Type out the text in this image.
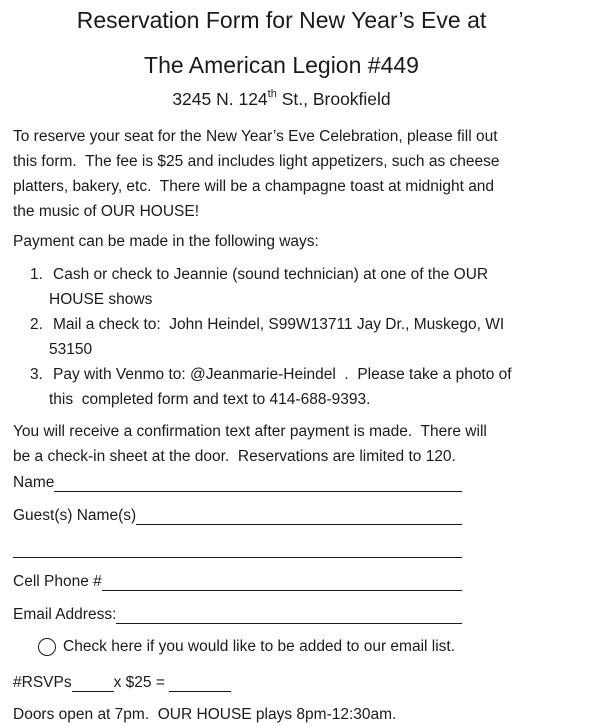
Reservation Form for New Year’s Eve at
The American Legion #449
3245 N. 124th St., Brookfield
To reserve your seat for the New Year’s Eve Celebration, please fill out
this form.  The fee is $25 and includes light appetizers, such as cheese
platters, bakery, etc.  There will be a champagne toast at midnight and
the music of OUR HOUSE!
Payment can be made in the following ways:
1. Cash or check to Jeannie (sound technician) at one of the OUR
HOUSE shows
2. Mail a check to:  John Heindel, S99W13711 Jay Dr., Muskego, WI
53150
3. Pay with Venmo to: @Jeanmarie-Heindel  .  Please take a photo of
this  completed form and text to 414-688-9393.
You will receive a confirmation text after payment is made.  There will
be a check-in sheet at the door.  Reservations are limited to 120.
Name
Guest(s) Name(s)
Cell Phone #
Email Address:
Check here if you would like to be added to our email list.
#RSVPs	x $25 =
Doors open at 7pm.  OUR HOUSE plays 8pm-12:30am.
